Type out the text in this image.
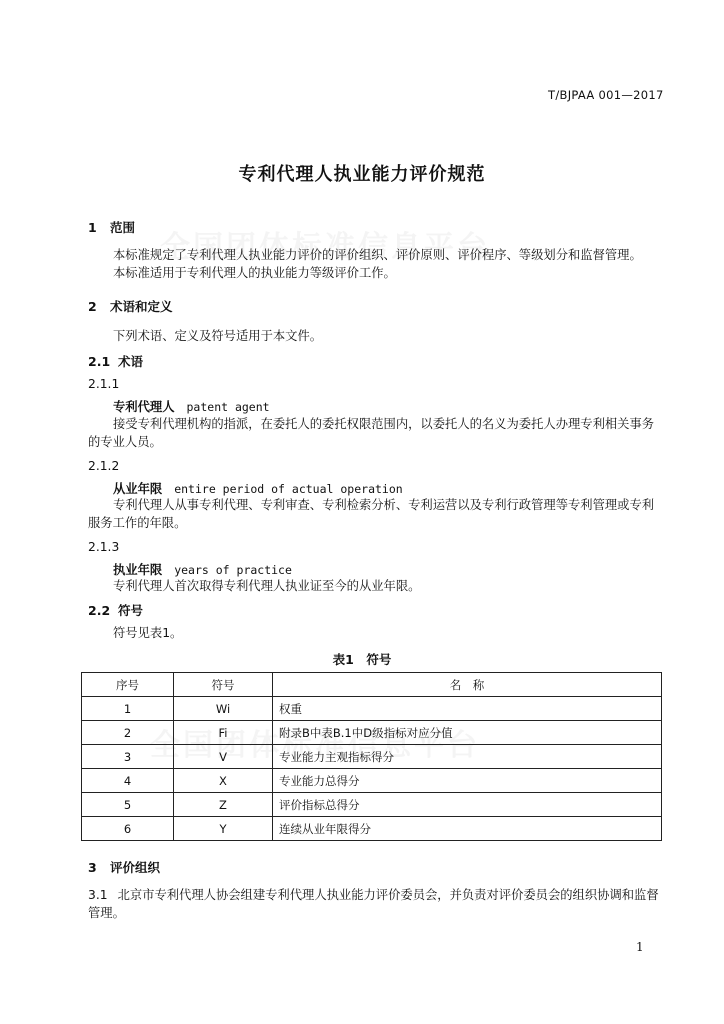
T/BJPAA 001—2017
专利代理人执业能力评价规范
1 范围
本标准规定了专利代理人执业能力评价的评价组织、评价原则、评价程序、等级划分和监督管理。
本标准适用于专利代理人的执业能力等级评价工作。
2 术语和定义
下列术语、定义及符号适用于本文件。
2.1 术语
2.1.1
专利代理人 patent agent
接受专利代理机构的指派，在委托人的委托权限范围内，以委托人的名义为委托人办理专利相关事务的专业人员。
2.1.2
从业年限 entire period of actual operation
专利代理人从事专利代理、专利审查、专利检索分析、专利运营以及专利行政管理等专利管理或专利服务工作的年限。
2.1.3
执业年限 years of practice
专利代理人首次取得专利代理人执业证至今的从业年限。
2.2 符号
符号见表1。
表1　符号
序号	符号	名　称
1	Wi	权重
2	Fi	附录B中表B.1中D级指标对应分值
3	V	专业能力主观指标得分
4	X	专业能力总得分
5	Z	评价指标总得分
6	Y	连续从业年限得分
3 评价组织
3.1 北京市专利代理人协会组建专利代理人执业能力评价委员会，并负责对评价委员会的组织协调和监督管理。
1
